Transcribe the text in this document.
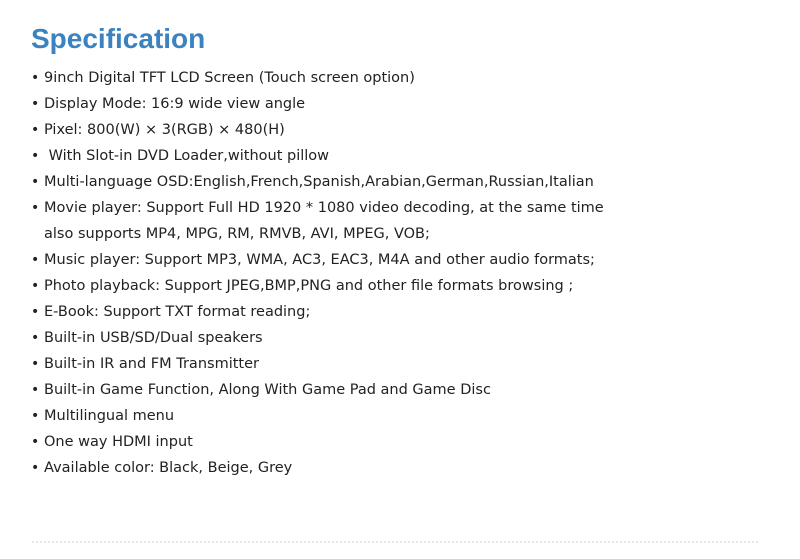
Specification
• 9inch Digital TFT LCD Screen (Touch screen option)
• Display Mode: 16:9 wide view angle
• Pixel: 800(W) × 3(RGB) × 480(H)
• With Slot-in DVD Loader,without pillow
• Multi-language OSD:English,French,Spanish,Arabian,German,Russian,Italian
• Movie player: Support Full HD 1920 * 1080 video decoding, at the same time
also supports MP4, MPG, RM, RMVB, AVI, MPEG, VOB;
• Music player: Support MP3, WMA, AC3, EAC3, M4A and other audio formats;
• Photo playback: Support JPEG,BMP,PNG and other file formats browsing ;
• E-Book: Support TXT format reading;
• Built-in USB/SD/Dual speakers
• Built-in IR and FM Transmitter
• Built-in Game Function, Along With Game Pad and Game Disc
• Multilingual menu
• One way HDMI input
• Available color: Black, Beige, Grey
